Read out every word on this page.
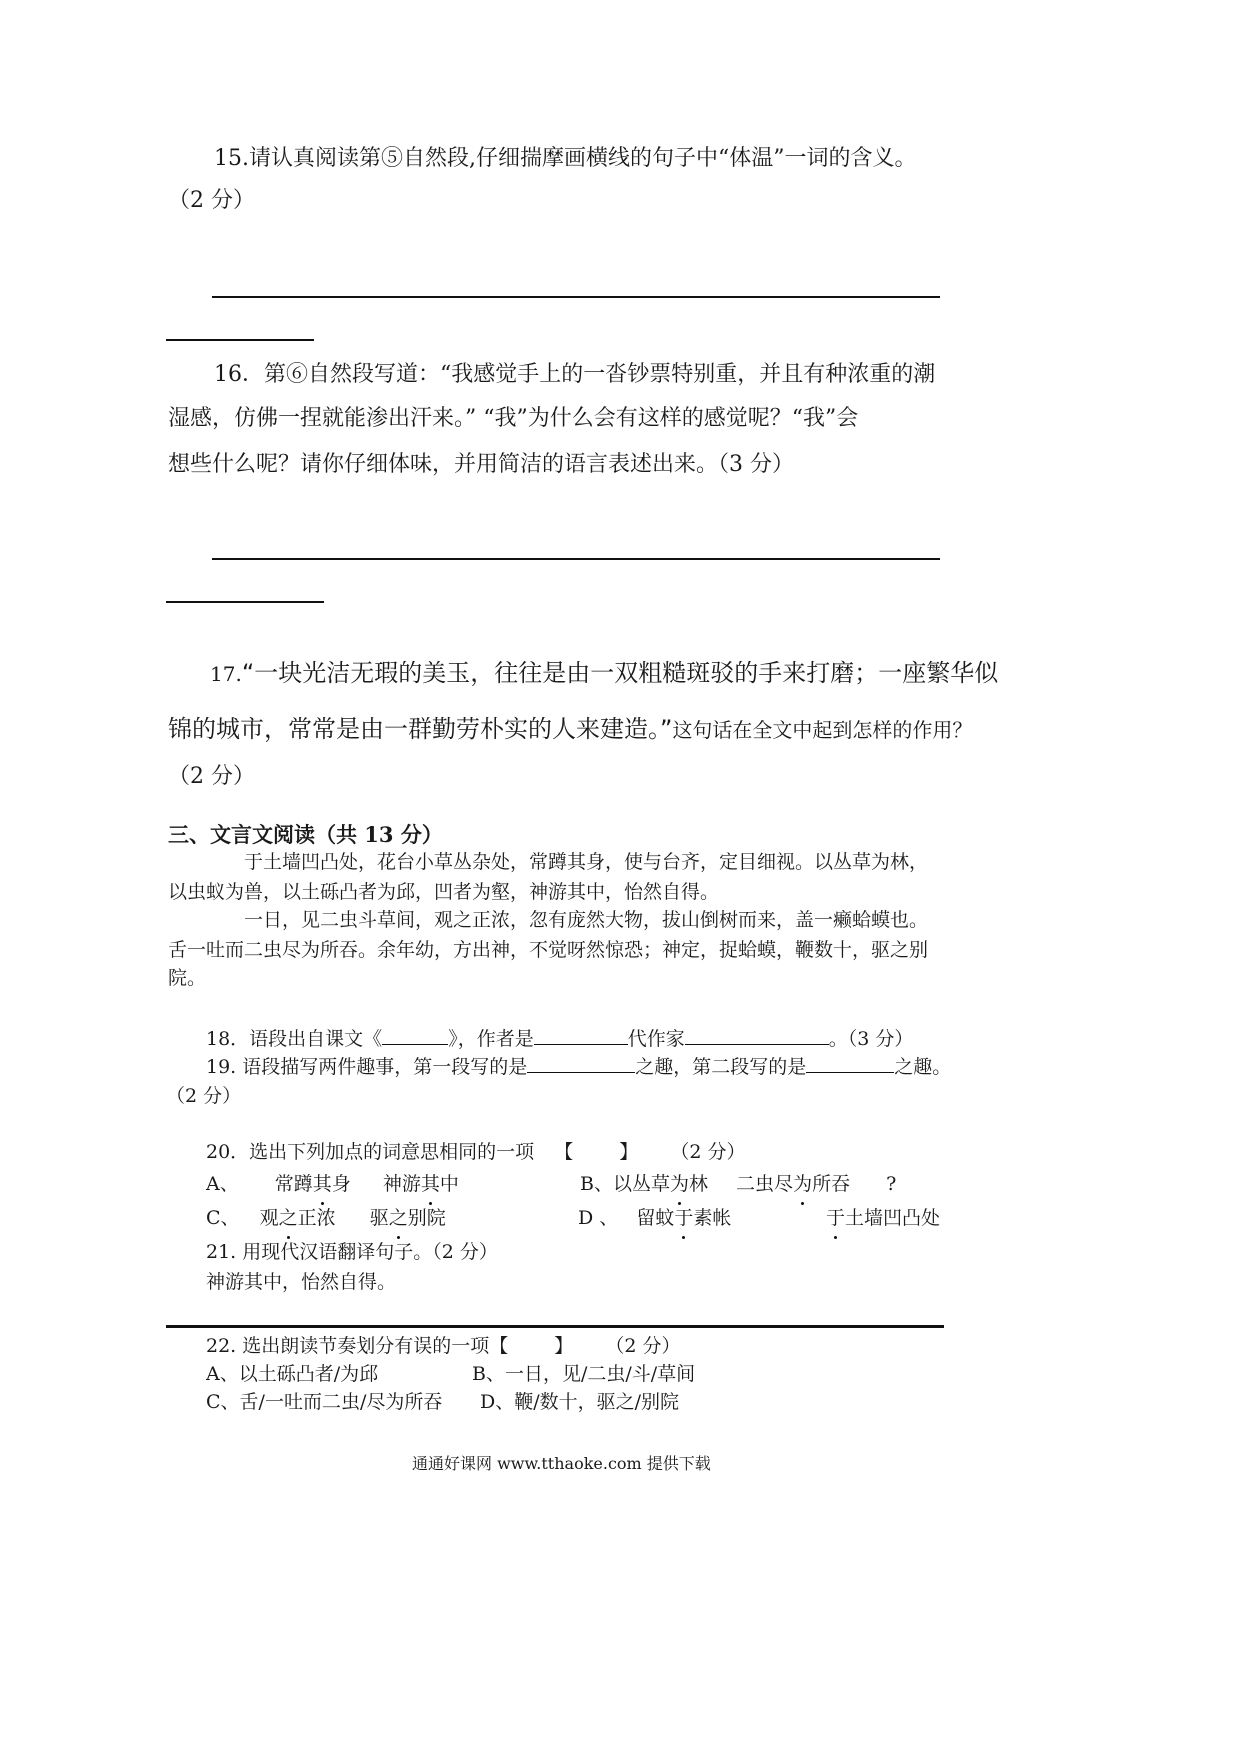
15.请认真阅读第⑤自然段,仔细揣摩画横线的句子中“体温”一词的含义。
（2 分）
16．第⑥自然段写道：“我感觉手上的一沓钞票特别重，并且有种浓重的潮
湿感，仿佛一捏就能渗出汗来。” “我”为什么会有这样的感觉呢？“我”会
想些什么呢？请你仔细体味，并用简洁的语言表述出来。（3 分）
17.“一块光洁无瑕的美玉，往往是由一双粗糙斑驳的手来打磨；一座繁华似
锦的城市，常常是由一群勤劳朴实的人来建造。”这句话在全文中起到怎样的作用？
（2 分）
三、文言文阅读（共 13 分）
于土墙凹凸处，花台小草丛杂处，常蹲其身，使与台齐，定目细视。以丛草为林，
以虫蚁为兽，以土砾凸者为邱，凹者为壑，神游其中，怡然自得。
一日，见二虫斗草间，观之正浓，忽有庞然大物，拔山倒树而来，盖一癞蛤蟆也。
舌一吐而二虫尽为所吞。余年幼，方出神，不觉呀然惊恐；神定，捉蛤蟆，鞭数十，驱之别
院。
18．语段出自课文《	》，作者是	代作家	。（3 分）
19. 语段描写两件趣事，第一段写的是	之趣，第二段写的是	之趣。
（2 分）
20．选出下列加点的词意思相同的一项 【 】 （2 分）
A、 常蹲其身 神游其中	B、以丛草为林 二虫尽为所吞 ?
C、 观之正浓 驱之别院	D 、 留蚊于素帐	于土墙凹凸处
21. 用现代汉语翻译句子。（2 分）
神游其中，怡然自得。
22. 选出朗读节奏划分有误的一项【 】 （2 分）
A、以土砾凸者/为邱	B、一日，见/二虫/斗/草间
C、舌/一吐而二虫/尽为所吞 D、鞭/数十，驱之/别院
通通好课网 www.tthaoke.com 提供下载
